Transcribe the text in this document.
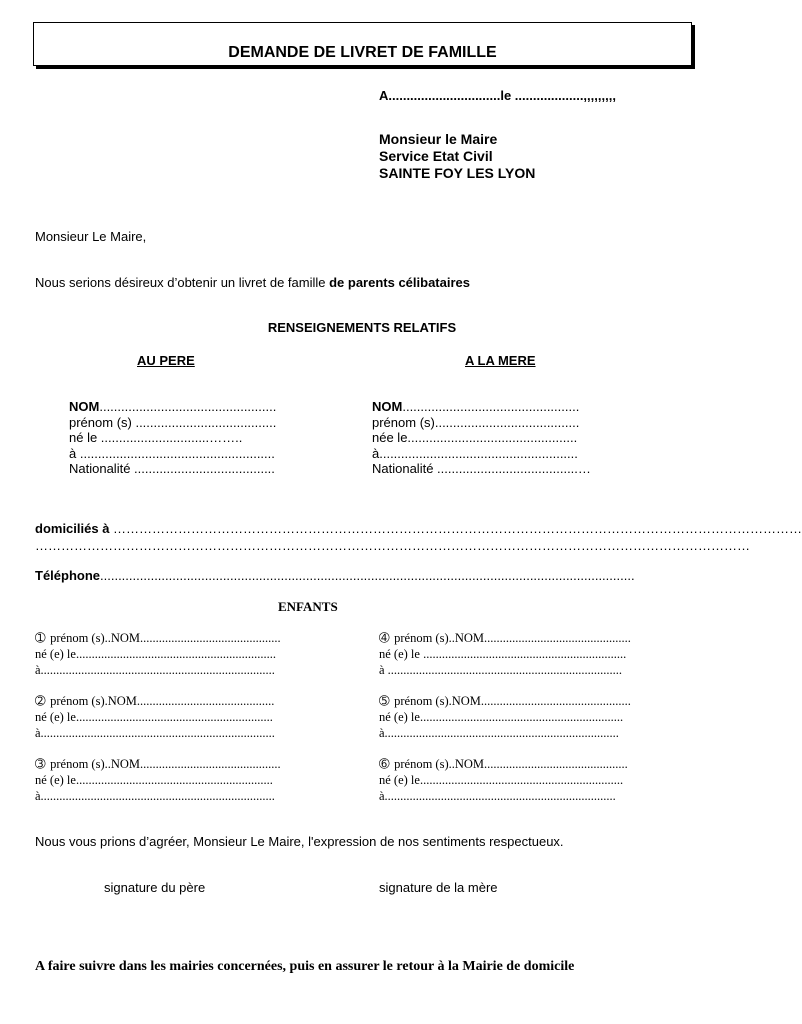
DEMANDE DE LIVRET DE FAMILLE
A...............................le ...................,,,,,,,,,
Monsieur le Maire
Service Etat Civil
SAINTE FOY LES LYON
Monsieur Le Maire,
Nous serions désireux d’obtenir un livret de famille de parents célibataires
RENSEIGNEMENTS RELATIFS
AU PERE	A LA MERE
NOM.................................................
prénom (s) .......................................
né le ..............................……..
à ......................................................
Nationalité .......................................
NOM.................................................
prénom (s)........................................
née le...............................................
à.......................................................
Nationalité .......................................…
domiciliés à ……………………………………………………………………………………………………………………………………………
…………………………………………………………………………………………………………………………………………………
Téléphone....................................................................................................................................................
ENFANTS
➀ prénom (s)..NOM.............................................
né (e) le................................................................
à...........................................................................
➁ prénom (s).NOM............................................
né (e) le...............................................................
à...........................................................................
➂ prénom (s)..NOM.............................................
né (e) le...............................................................
à...........................................................................
➃ prénom (s)..NOM...............................................
né (e) le .................................................................
à ...........................................................................
➄ prénom (s).NOM................................................
né (e) le.................................................................
à...........................................................................
➅ prénom (s)..NOM..............................................
né (e) le.................................................................
à..........................................................................
Nous vous prions d’agréer, Monsieur Le Maire, l'expression de nos sentiments respectueux.
signature du père	signature de la mère
A faire suivre dans les mairies concernées, puis en assurer le retour à la Mairie de domicile
